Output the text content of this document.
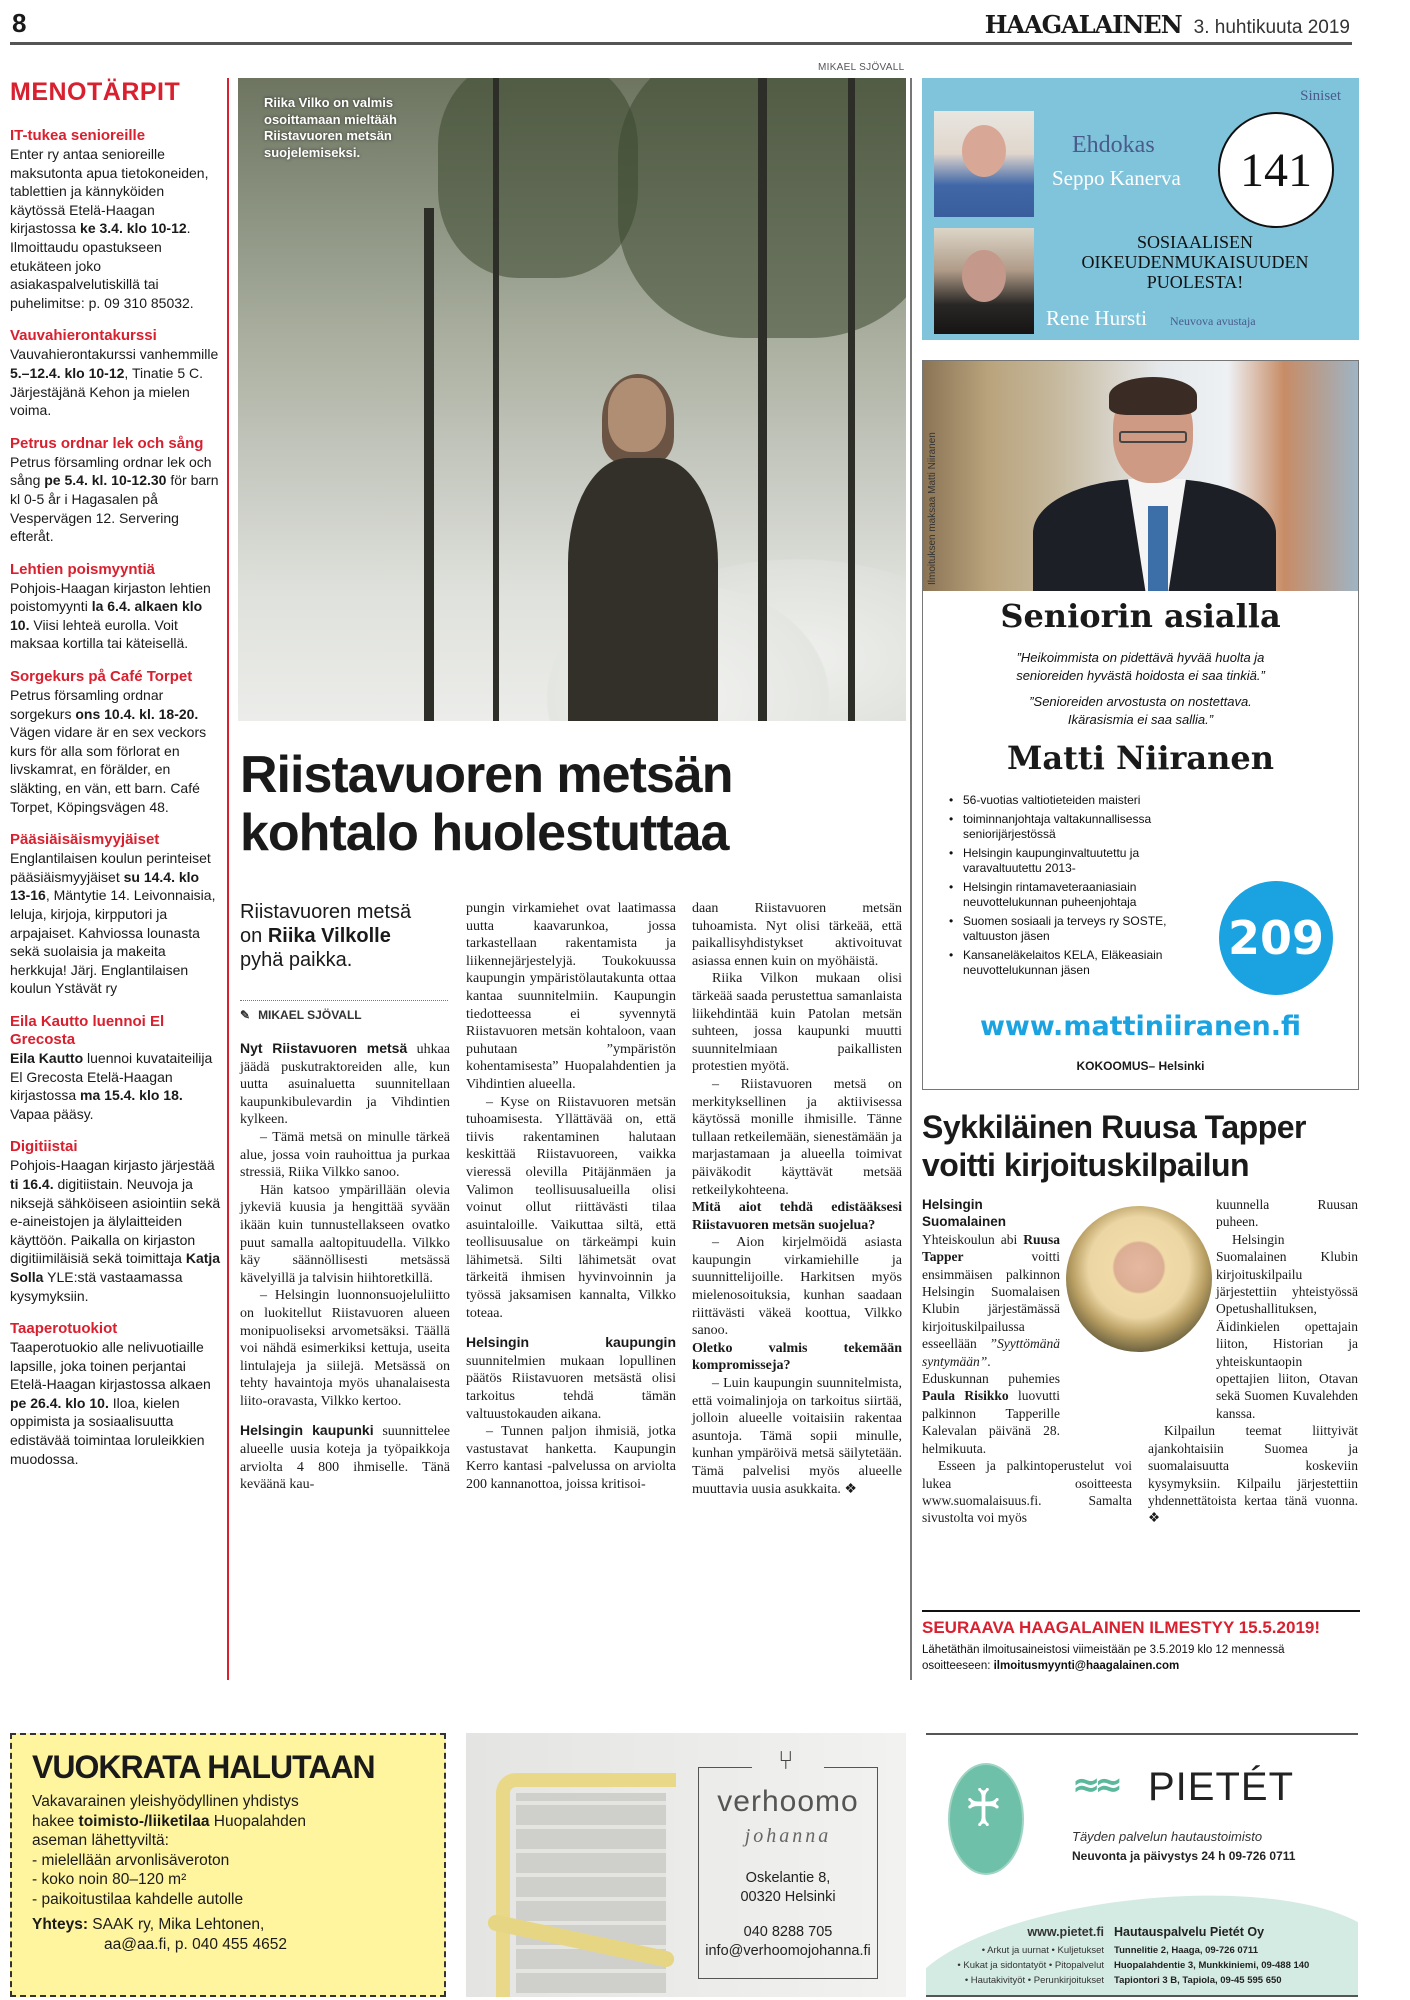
8	HAAGALAINEN 3. huhtikuuta 2019
MENOTÄRPIT
IT-tukea senioreille

Enter ry antaa senioreille maksutonta apua tietokoneiden, tablettien ja kännyköiden käytössä Etelä-Haagan kirjastossa ke 3.4. klo 10-12. Ilmoittaudu opastukseen etukäteen joko asiakaspalvelutiskillä tai puhelimitse: p. 09 310 85032.

Vauvahierontakurssi

Vauvahierontakurssi vanhemmille 5.–12.4. klo 10-12, Tinatie 5 C. Järjestäjänä Kehon ja mielen voima.

Petrus ordnar lek och sång

Petrus församling ordnar lek och sång pe 5.4. kl. 10-12.30 för barn kl 0-5 år i Hagasalen på Vespervägen 12. Servering efteråt.

Lehtien poismyyntiä

Pohjois-Haagan kirjaston lehtien poistomyynti la 6.4. alkaen klo 10. Viisi lehteä eurolla. Voit maksaa kortilla tai käteisellä.

Sorgekurs på Café Torpet

Petrus församling ordnar sorgekurs ons 10.4. kl. 18-20. Vägen vidare är en sex veckors kurs för alla som förlorat en livskamrat, en förälder, en släkting, en vän, ett barn. Café Torpet, Köpingsvägen 48.

Pääsiäisäismyyjäiset

Englantilaisen koulun perinteiset pääsiäismyyjäiset su 14.4. klo 13-16, Mäntytie 14. Leivonnaisia, leluja, kirjoja, kirpputori ja arpajaiset. Kahviossa lounasta sekä suolaisia ja makeita herkkuja! Järj. Englantilaisen koulun Ystävät ry

Eila Kautto luennoi El Grecosta

Eila Kautto luennoi kuvataiteilija El Grecosta Etelä-Haagan kirjastossa ma 15.4. klo 18. Vapaa pääsy.

Digitiistai

Pohjois-Haagan kirjasto järjestää ti 16.4. digitiistain. Neuvoja ja niksejä sähköiseen asiointiin sekä e-aineistojen ja älylaitteiden käyttöön. Paikalla on kirjaston digitiimiläisiä sekä toimittaja Katja Solla YLE:stä vastaamassa kysymyksiin.

Taaperotuokiot

Taaperotuokio alle nelivuotiaille lapsille, joka toinen perjantai Etelä-Haagan kirjastossa alkaen pe 26.4. klo 10. Iloa, kielen oppimista ja sosiaalisuutta edistävää toimintaa loruleikkien muodossa.

MIKAEL SJÖVALL
Riika Vilko on valmis osoittamaan mieltääh Riistavuoren metsän suojelemiseksi.
Riistavuoren metsän
kohtalo huolestuttaa
Riistavuoren metsä
on Riika Vilkolle
pyhä paikka.
✎ MIKAEL SJÖVALL

Nyt Riistavuoren metsä uhkaa jäädä puskutraktoreiden alle, kun uutta asuinaluetta suunnitellaan kaupunkibulevardin ja Vihdintien kylkeen.

– Tämä metsä on minulle tärkeä alue, jossa voin rauhoittua ja purkaa stressiä, Riika Vilkko sanoo.

Hän katsoo ympärillään olevia jykeviä kuusia ja hengittää syvään ikään kuin tunnustellakseen ovatko puut samalla aaltopituudella. Vilkko käy säännöllisesti metsässä kävelyillä ja talvisin hiihtoretkillä.

– Helsingin luonnonsuojeluliitto on luokitellut Riistavuoren alueen monipuoliseksi arvometsäksi. Täällä voi nähdä esimerkiksi kettuja, useita lintulajeja ja siilejä. Metsässä on tehty havaintoja myös uhanalaisesta liito-oravasta, Vilkko kertoo.

Helsingin kaupunki suunnittelee alueelle uusia koteja ja työpaikkoja arviolta 4 800 ihmiselle. Tänä keväänä kau-

pungin virkamiehet ovat laatimassa uutta kaavarunkoa, jossa tarkastellaan rakentamista ja liikennejärjestelyjä. Toukokuussa kaupungin ympäristölautakunta ottaa kantaa suunnitelmiin. Kaupungin tiedotteessa ei syvennytä Riistavuoren metsän kohtaloon, vaan puhutaan ”ympäristön kohentamisesta” Huopalahdentien ja Vihdintien alueella.

– Kyse on Riistavuoren metsän tuhoamisesta. Yllättävää on, että tiivis rakentaminen halutaan keskittää Riistavuoreen, vaikka vieressä olevilla Pitäjänmäen ja Valimon teollisuusalueilla olisi voinut ollut riittävästi tilaa asuintaloille. Vaikuttaa siltä, että teollisuusalue on tärkeämpi kuin lähimetsä. Silti lähimetsät ovat tärkeitä ihmisen hyvinvoinnin ja työssä jaksamisen kannalta, Vilkko toteaa.

Helsingin kaupungin suunnitelmien mukaan lopullinen päätös Riistavuoren metsästä olisi tarkoitus tehdä tämän valtuustokauden aikana.

– Tunnen paljon ihmisiä, jotka vastustavat hanketta. Kaupungin Kerro kantasi -palvelussa on arviolta 200 kannanottoa, joissa kritisoi-

daan Riistavuoren metsän tuhoamista. Nyt olisi tärkeää, että paikallisyhdistykset aktivoituvat asiassa ennen kuin on myöhäistä.

Riika Vilkon mukaan olisi tärkeää saada perustettua samanlaista liikehdintää kuin Patolan metsän suhteen, jossa kaupunki muutti suunnitelmiaan paikallisten protestien myötä.

– Riistavuoren metsä on merkityksellinen ja aktiivisessa käytössä monille ihmisille. Tänne tullaan retkeilemään, sienestämään ja marjastamaan ja alueella toimivat päiväkodit käyttävät metsää retkeilykohteena.

Mitä aiot tehdä edistääksesi Riistavuoren metsän suojelua?

– Aion kirjelmöidä asiasta kaupungin virkamiehille ja suunnittelijoille. Harkitsen myös mielenosoituksia, kunhan saadaan riittävästi väkeä koottua, Vilkko sanoo.

Oletko valmis tekemään kompromisseja?

– Luin kaupungin suunnitelmista, että voimalinjoja on tarkoitus siirtää, jolloin alueelle voitaisiin rakentaa asuntoja. Tämä sopii minulle, kunhan ympäröivä metsä säilytetään. Tämä palvelisi myös alueelle muuttavia uusia asukkaita. ❖

Siniset
Ehdokas
Seppo Kanerva	141
SOSIAALISEN
OIKEUDENMUKAISUUDEN
PUOLESTA!
Rene Hursti Neuvova avustaja
Ilmoituksen maksaa Matti Niiranen
Seniorin asialla
”Heikoimmista on pidettävä hyvää huolta ja
senioreiden hyvästä hoidosta ei saa tinkiä.”
”Senioreiden arvostusta on nostettava.
Ikärasismia ei saa sallia.”
Matti Niiranen
• 56-vuotias valtiotieteiden maisteri
• toiminnanjohtaja valtakunnallisessa seniorijärjestössä
• Helsingin kaupunginvaltuutettu ja varavaltuutettu 2013-
• Helsingin rintamaveteraaniasiain neuvottelukunnan puheenjohtaja
• Suomen sosiaali ja terveys ry SOSTE, valtuuston jäsen
• Kansaneläkelaitos KELA, Eläkeasiain neuvottelukunnan jäsen
209
www.mattiniiranen.fi
KOKOOMUS– Helsinki
Sykkiläinen Ruusa Tapper
voitti kirjoituskilpailun

Helsingin Suomalainen Yhteiskoulun abi Ruusa Tapper voitti ensimmäisen palkinnon Helsingin Suomalaisen Klubin järjestämässä kirjoituskilpailussa esseellään ”Syyttömänä syntymään”. Eduskunnan puhemies Paula Risikko luovutti palkinnon Tapperille Kalevalan päivänä 28. helmikuuta.

Esseen ja palkintoperustelut voi lukea osoitteesta www.suomalaisuus.fi. Samalta sivustolta voi myös

kuunnella Ruusan puheen.

Helsingin Suomalainen Klubin kirjoituskilpailu järjestettiin yhteistyössä Opetushallituksen, Äidinkielen opettajain liiton, Historian ja yhteiskuntaopin opettajien liiton, Otavan sekä Suomen Kuvalehden kanssa.

Kilpailun teemat liittyivät ajankohtaisiin Suomea ja suomalaisuutta koskeviin kysymyksiin. Kilpailu järjestettiin yhdennettätoista kertaa tänä vuonna. ❖

SEURAAVA HAAGALAINEN ILMESTYY 15.5.2019!
Lähetäthän ilmoitusaineistosi viimeistään pe 3.5.2019 klo 12 mennessä
osoitteeseen: ilmoitusmyynti@haagalainen.com
VUOKRATA HALUTAAN

Vakavarainen yleishyödyllinen yhdistys

hakee toimisto-/liiketilaa Huopalahden

aseman lähettyviltä:

- mielellään arvonlisäveroton

- koko noin 80–120 m²

- paikoitustilaa kahdelle autolle

Yhteys: SAAK ry, Mika Lehtonen,

aa@aa.fi, p. 040 455 4652

⑂
verhoomo
johanna
Oskelantie 8,
00320 Helsinki
040 8288 705
info@verhoomojohanna.fi
♰ ≈≈ PIETÉT
Täyden palvelun hautaustoimisto
Neuvonta ja päivystys 24 h 09-726 0711
www.pietet.fi
• Arkut ja uurnat • Kuljetukset
• Kukat ja sidontatyöt • Pitopalvelut
• Hautakivityöt • Perunkirjoitukset
Hautauspalvelu Pietét Oy
Tunnelitie 2, Haaga, 09-726 0711
Huopalahdentie 3, Munkkiniemi, 09-488 140
Tapiontori 3 B, Tapiola, 09-45 595 650
